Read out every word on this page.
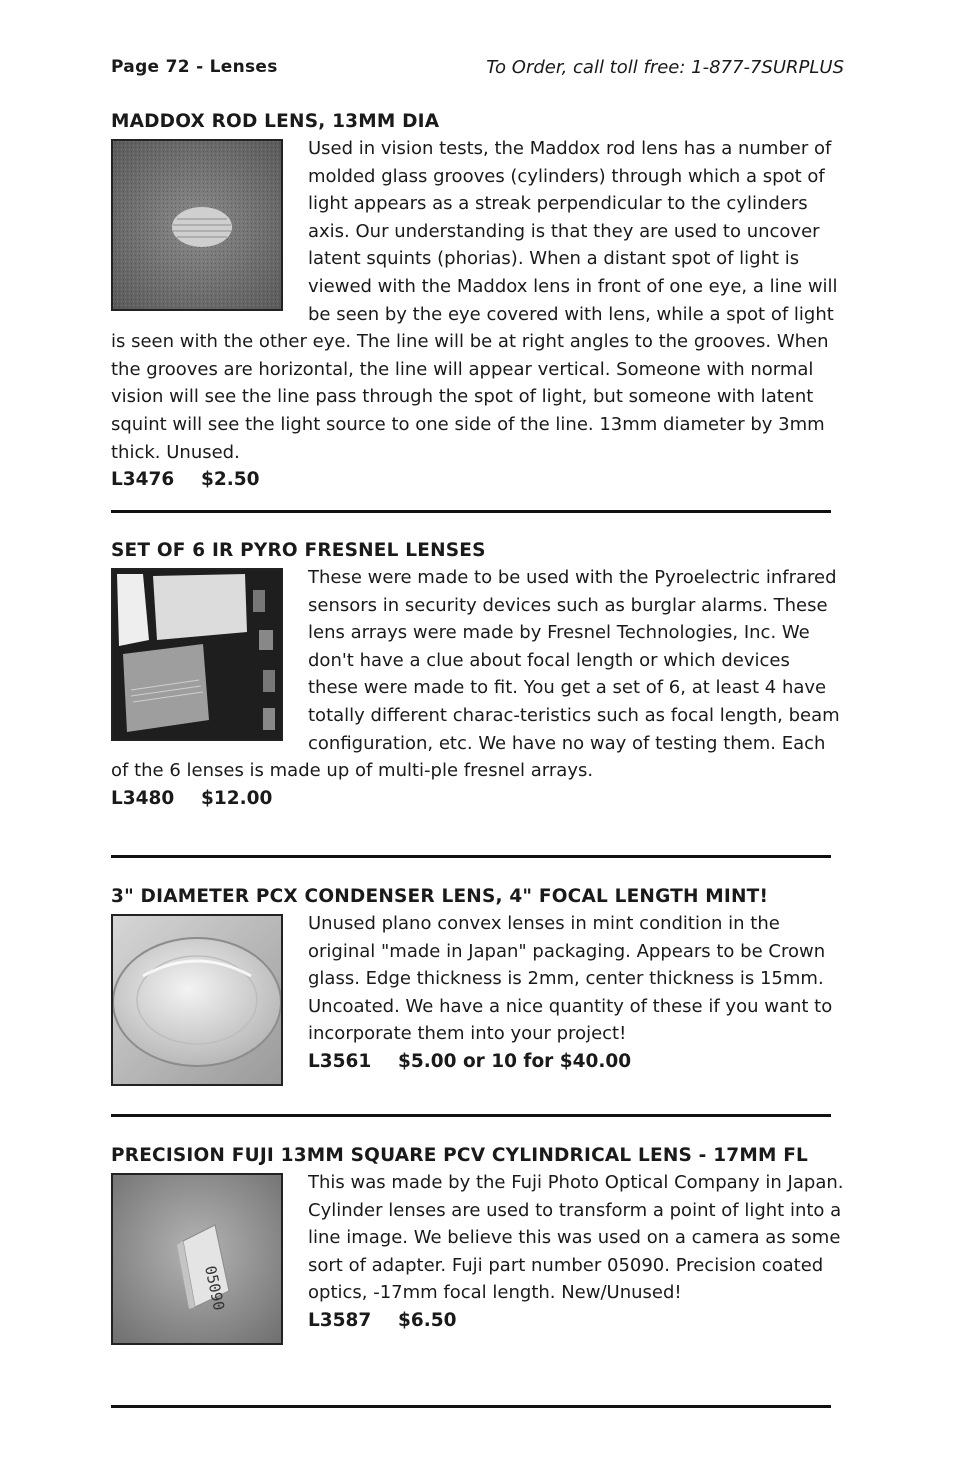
Page 72 - Lenses	To Order, call toll free: 1-877-7SURPLUS
MADDOX ROD LENS, 13MM DIA
Used in vision tests, the Maddox rod lens has a number of molded glass grooves (cylinders) through which a spot of light appears as a streak perpendicular to the cylinders axis. Our understanding is that they are used to uncover latent squints (phorias). When a distant spot of light is viewed with the Maddox lens in front of one eye, a line will be seen by the eye covered with lens, while a spot of light is seen with the other eye. The line will be at right angles to the grooves. When the grooves are horizontal, the line will appear vertical. Someone with normal vision will see the line pass through the spot of light, but someone with latent squint will see the light source to one side of the line. 13mm diameter by 3mm thick. Unused.
L3476 $2.50
SET OF 6 IR PYRO FRESNEL LENSES
These were made to be used with the Pyroelectric infrared sensors in security devices such as burglar alarms. These lens arrays were made by Fresnel Technologies, Inc. We don't have a clue about focal length or which devices these were made to fit. You get a set of 6, at least 4 have totally different charac-teristics such as focal length, beam configuration, etc. We have no way of testing them. Each of the 6 lenses is made up of multi-ple fresnel arrays.
L3480 $12.00
3" DIAMETER PCX CONDENSER LENS, 4" FOCAL LENGTH MINT!
Unused plano convex lenses in mint condition in the original "made in Japan" packaging. Appears to be Crown glass. Edge thickness is 2mm, center thickness is 15mm. Uncoated. We have a nice quantity of these if you want to incorporate them into your project!
L3561 $5.00 or 10 for $40.00
PRECISION FUJI 13MM SQUARE PCV CYLINDRICAL LENS - 17MM FL
05090
This was made by the Fuji Photo Optical Company in Japan. Cylinder lenses are used to transform a point of light into a line image. We believe this was used on a camera as some sort of adapter. Fuji part number 05090. Precision coated optics, -17mm focal length. New/Unused!
L3587 $6.50
